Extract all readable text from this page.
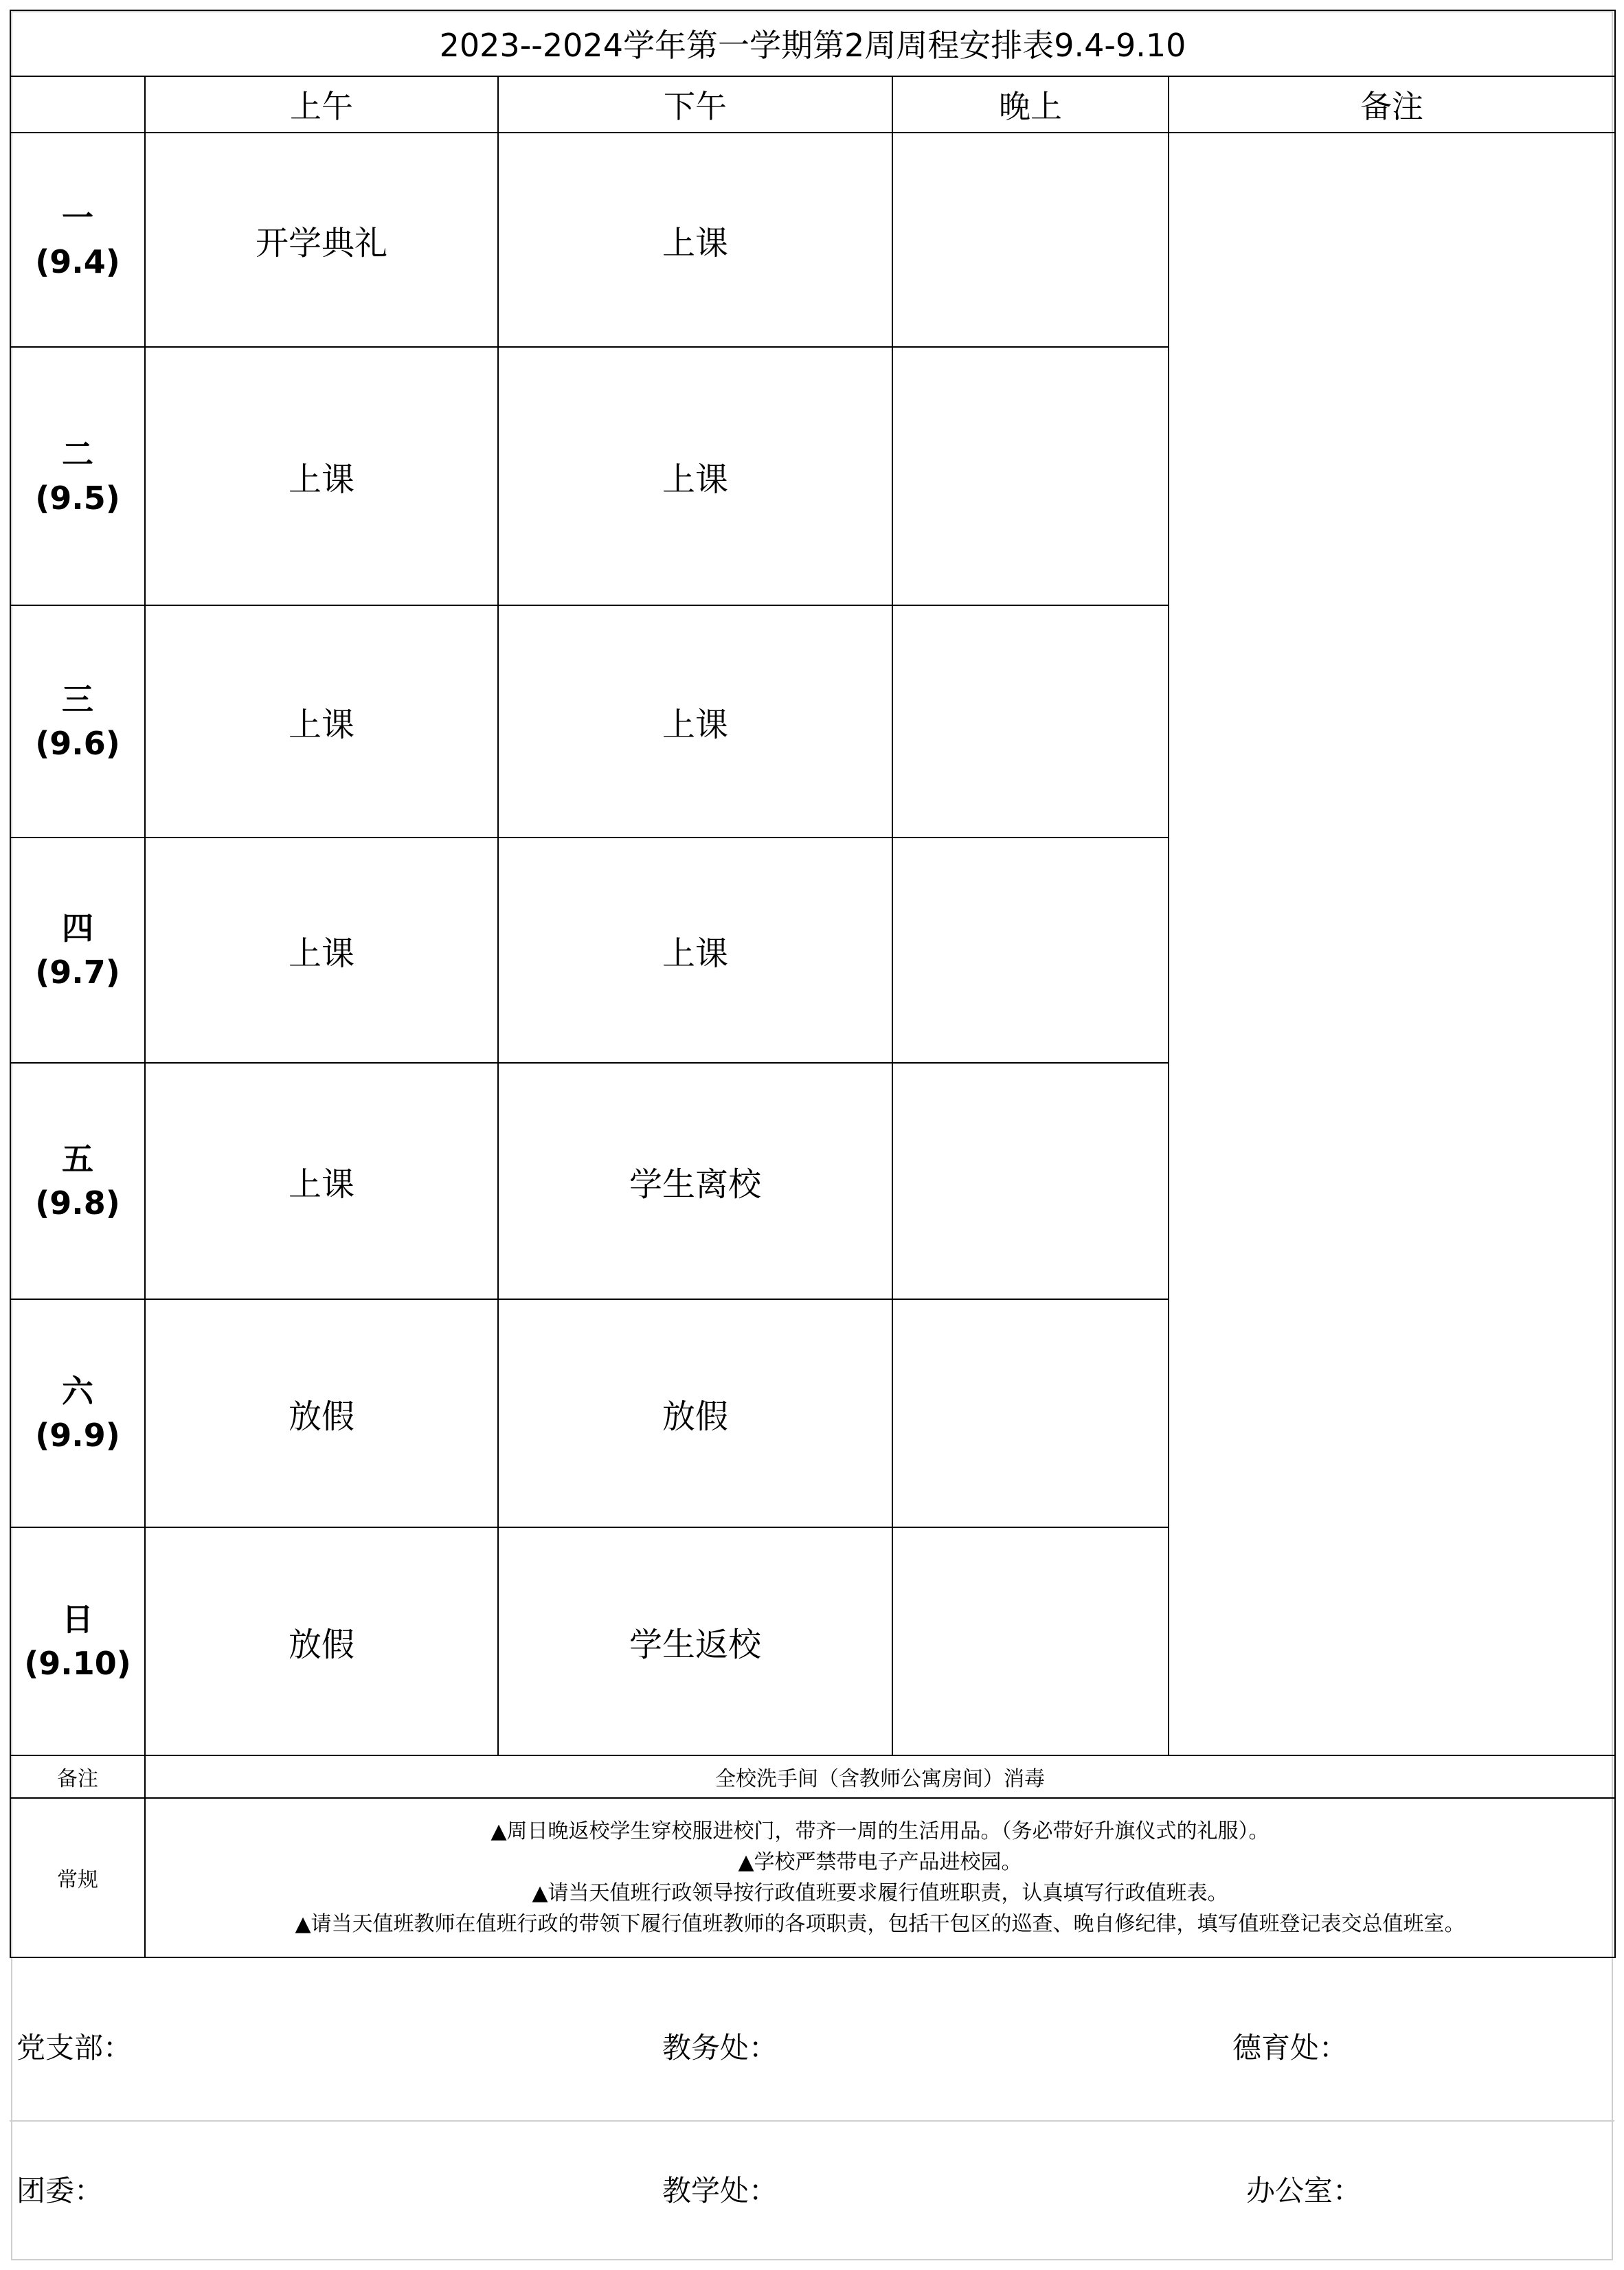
2023--2024学年第一学期第2周周程安排表9.4-9.10				
	上午	下午	晚上	备注

一
(9.4)	开学典礼	上课		

二
(9.5)	上课	上课		

三
(9.6)	上课	上课		

四
(9.7)	上课	上课		

五
(9.8)	上课	学生离校		

六
(9.9)	放假	放假		

日
(9.10)	放假	学生返校		
备注	全校洗手间（含教师公寓房间）消毒			
常规	▲周日晚返校学生穿校服进校门，带齐一周的生活用品。（务必带好升旗仪式的礼服）。
▲学校严禁带电子产品进校园。
▲请当天值班行政领导按行政值班要求履行值班职责，认真填写行政值班表。
▲请当天值班教师在值班行政的带领下履行值班教师的各项职责，包括干包区的巡查、晚自修纪律，填写值班登记表交总值班室。			
党支部：	教务处：	德育处：
团委：	教学处：	办公室：
